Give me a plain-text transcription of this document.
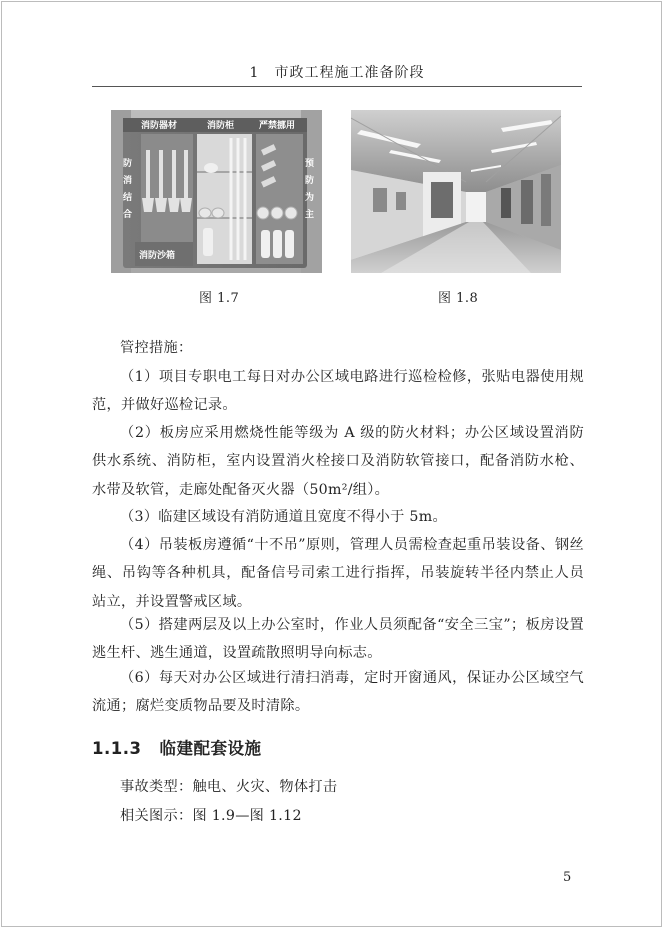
1　市政工程施工准备阶段
消防器材	消防柜	严禁挪用
消防沙箱
防消结合	预防为主
图 1.7	图 1.8
管控措施：
（1）项目专职电工每日对办公区域电路进行巡检检修，张贴电器使用规范，并做好巡检记录。
（2）板房应采用燃烧性能等级为 A 级的防火材料；办公区域设置消防供水系统、消防柜，室内设置消火栓接口及消防软管接口，配备消防水枪、水带及软管，走廊处配备灭火器（50m²/组）。
（3）临建区域设有消防通道且宽度不得小于 5m。
（4）吊装板房遵循“十不吊”原则，管理人员需检查起重吊装设备、钢丝绳、吊钩等各种机具，配备信号司索工进行指挥，吊装旋转半径内禁止人员站立，并设置警戒区域。
（5）搭建两层及以上办公室时，作业人员须配备“安全三宝”；板房设置逃生杆、逃生通道，设置疏散照明导向标志。
（6）每天对办公区域进行清扫消毒，定时开窗通风，保证办公区域空气流通；腐烂变质物品要及时清除。
1.1.3 临建配套设施
事故类型：触电、火灾、物体打击
相关图示：图 1.9—图 1.12
5
